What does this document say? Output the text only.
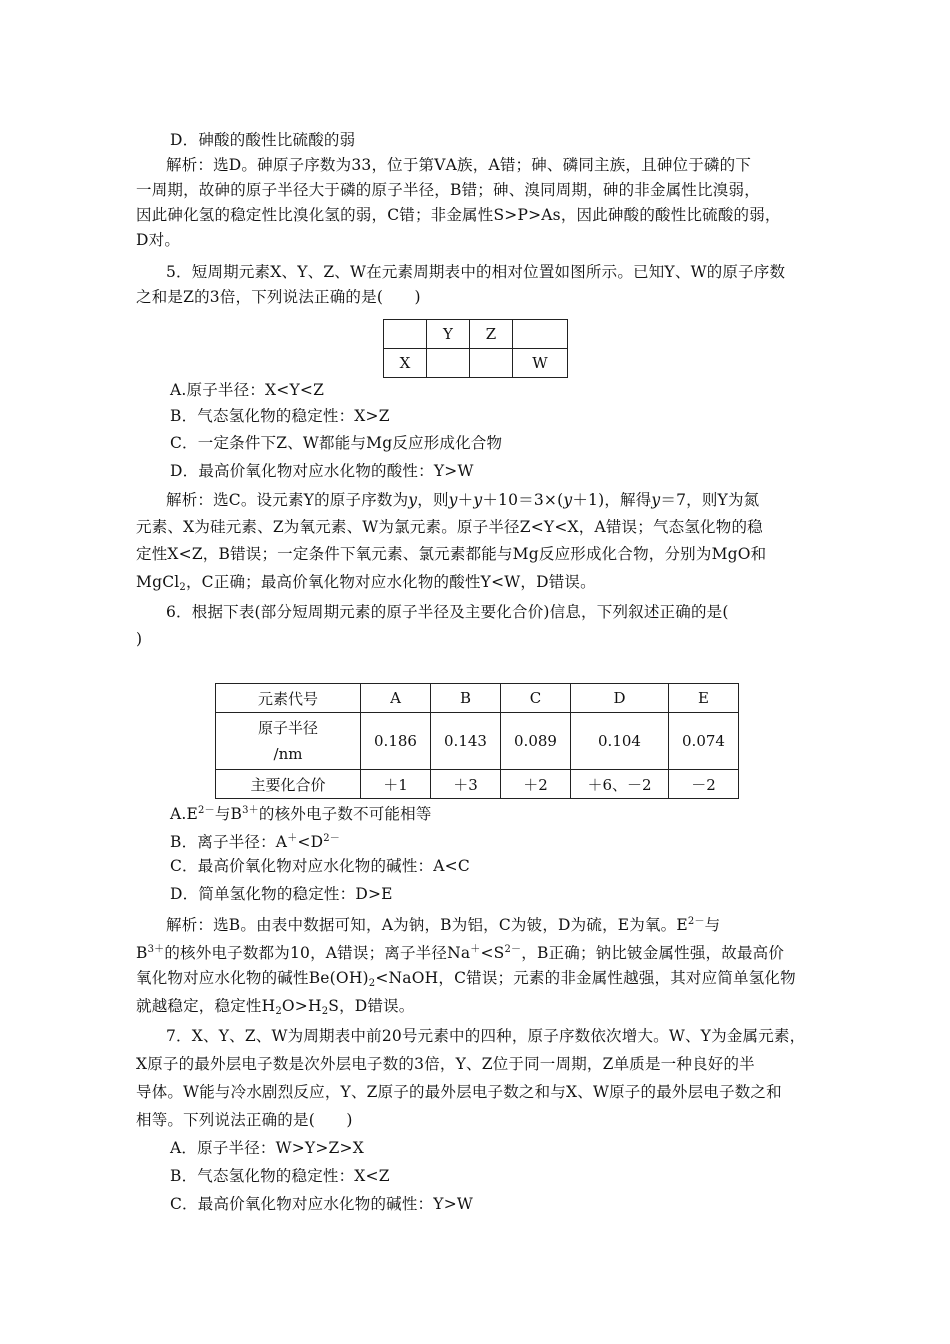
D．砷酸的酸性比硫酸的弱
解析：选D。砷原子序数为33，位于第ⅤA族，A错；砷、磷同主族，且砷位于磷的下
一周期，故砷的原子半径大于磷的原子半径，B错；砷、溴同周期，砷的非金属性比溴弱，
因此砷化氢的稳定性比溴化氢的弱，C错；非金属性S>P>As，因此砷酸的酸性比硫酸的弱，
D对。
5．短周期元素X、Y、Z、W在元素周期表中的相对位置如图所示。已知Y、W的原子序数
之和是Z的3倍，下列说法正确的是(　　)
	Y	Z	
X			W
A.原子半径：X<Y<Z
B．气态氢化物的稳定性：X>Z
C．一定条件下Z、W都能与Mg反应形成化合物
D．最高价氧化物对应水化物的酸性：Y>W
解析：选C。设元素Y的原子序数为y，则y＋y＋10＝3×(y＋1)，解得y＝7，则Y为氮
元素、X为硅元素、Z为氧元素、W为氯元素。原子半径Z<Y<X，A错误；气态氢化物的稳
定性X<Z，B错误；一定条件下氧元素、氯元素都能与Mg反应形成化合物，分别为MgO和
MgCl$_2$，C正确；最高价氧化物对应水化物的酸性Y<W，D错误。
6．根据下表(部分短周期元素的原子半径及主要化合价)信息，下列叙述正确的是(
)
元素代号	A	B	C	D	E
原子半径
/nm	0.186	0.143	0.089	0.104	0.074
主要化合价	＋1	＋3	＋2	＋6、－2	－2
$A.E^{2-}$与$B^{3+}$的核外电子数不可能相等
B．离子半径：$A^+<D^{2-}$
C．最高价氧化物对应水化物的碱性：A<C
D．简单氢化物的稳定性：D>E
解析：选B。由表中数据可知，A为钠，B为铝，C为铍，D为硫，E为氧。$E^{2-}$与
$B^{3+}$的核外电子数都为10，A错误；离子半径$Na^+<S^{2-}$，B正确；钠比铍金属性强，故最高价
氧化物对应水化物的碱性$Be(OH)_2<NaOH$，C错误；元素的非金属性越强，其对应简单氢化物
就越稳定，稳定性$H_2O>H_2S$，D错误。
7．X、Y、Z、W为周期表中前20号元素中的四种，原子序数依次增大。W、Y为金属元素，
X原子的最外层电子数是次外层电子数的3倍，Y、Z位于同一周期，Z单质是一种良好的半
导体。W能与冷水剧烈反应，Y、Z原子的最外层电子数之和与X、W原子的最外层电子数之和
相等。下列说法正确的是(　　)
A．原子半径：W>Y>Z>X
B．气态氢化物的稳定性：X<Z
C．最高价氧化物对应水化物的碱性：Y>W
